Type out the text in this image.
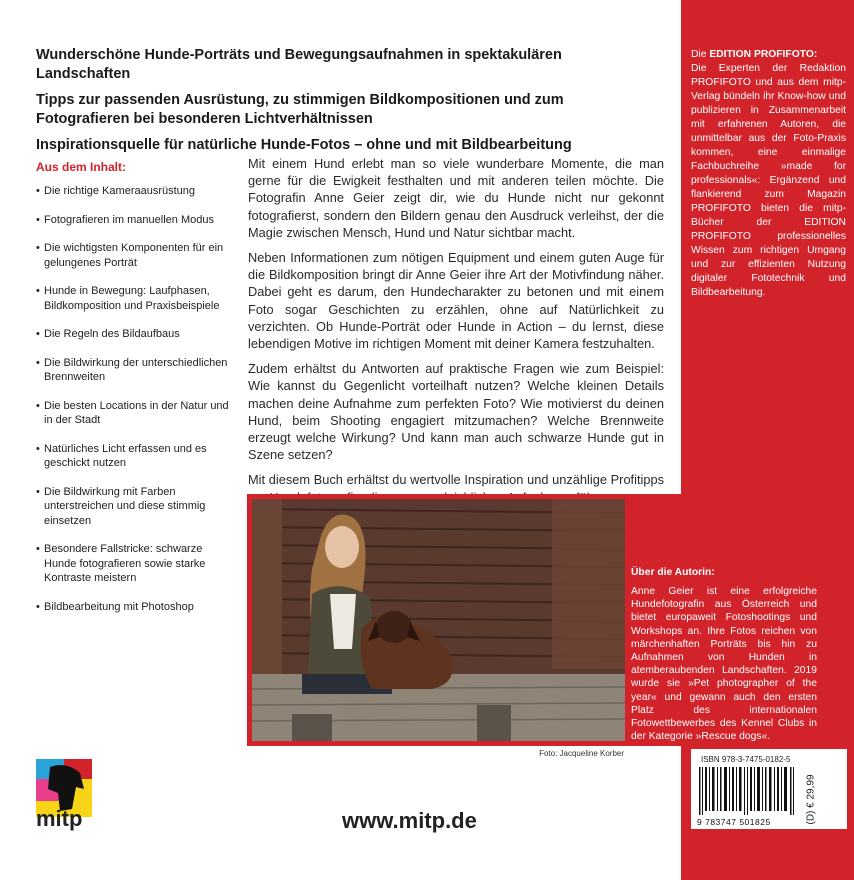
Wunderschöne Hunde-Porträts und Bewegungsaufnahmen in spektakulären Landschaften
Tipps zur passenden Ausrüstung, zu stimmigen Bildkompositionen und zum Fotografieren bei besonderen Lichtverhältnissen
Inspirationsquelle für natürliche Hunde-Fotos – ohne und mit Bildbearbeitung
Aus dem Inhalt:
• Die richtige Kameraausrüstung
• Fotografieren im manuellen Modus
• Die wichtigsten Komponenten für ein gelungenes Porträt
• Hunde in Bewegung: Laufphasen, Bildkomposition und Praxisbeispiele
• Die Regeln des Bildaufbaus
• Die Bildwirkung der unterschiedlichen Brennweiten
• Die besten Locations in der Natur und in der Stadt
• Natürliches Licht erfassen und es geschickt nutzen
• Die Bildwirkung mit Farben unterstreichen und diese stimmig einsetzen
• Besondere Fallstricke: schwarze Hunde fotografieren sowie starke Kontraste meistern
• Bildbearbeitung mit Photoshop

Mit einem Hund erlebt man so viele wunderbare Momente, die man gerne für die Ewigkeit festhalten und mit anderen teilen möchte. Die Fotografin Anne Geier zeigt dir, wie du Hunde nicht nur gekonnt fotografierst, sondern den Bildern genau den Ausdruck verleihst, der die Magie zwischen Mensch, Hund und Natur sichtbar macht.

Neben Informationen zum nötigen Equipment und einem guten Auge für die Bildkomposition bringt dir Anne Geier ihre Art der Motivfindung näher. Dabei geht es darum, den Hundecharakter zu betonen und mit einem Foto sogar Geschichten zu erzählen, ohne auf Natürlichkeit zu verzichten. Ob Hunde-Porträt oder Hunde in Action – du lernst, diese lebendigen Motive im richtigen Moment mit deiner Kamera festzuhalten.

Zudem erhältst du Antworten auf praktische Fragen wie zum Beispiel: Wie kannst du Gegenlicht vorteilhaft nutzen? Welche kleinen Details machen deine Aufnahme zum perfekten Foto? Wie motivierst du deinen Hund, beim Shooting engagiert mitzumachen? Welche Brennweite erzeugt welche Wirkung? Und kann man auch schwarze Hunde gut in Szene setzen?

Mit diesem Buch erhältst du wertvolle Inspiration und unzählige Profitipps

Die EDITION PROFIFOTO:
Die Experten der Redaktion PROFIFOTO und aus dem mitp-Verlag bündeln ihr Know-how und publizieren in Zusammenarbeit mit erfahrenen Autoren, die unmittelbar aus der Foto-Praxis kommen, eine einmalige Fachbuchreihe »made for professionals«: Ergänzend und flankierend zum Magazin PROFIFOTO bieten die mitp-Bücher der EDITION PROFIFOTO professionelles Wissen zum richtigen Umgang und zur effizienten Nutzung digitaler Fototechnik und Bildbearbeitung.
Foto: Jacqueline Korber
Über die Autorin:
Anne Geier ist eine erfolgreiche Hundefotografin aus Österreich und bietet europaweit Fotoshootings und Workshops an. Ihre Fotos reichen von märchenhaften Porträts bis hin zu Aufnahmen von Hunden in atemberaubenden Landschaften. 2019 wurde sie »Pet photographer of the year« und gewann auch den ersten Platz des internationalen Fotowettbewerbes des Kennel Clubs in der Kategorie »Rescue dogs«.
ISBN 978-3-7475-0182-5
(D) € 29,99
9 783747 501825
www.mitp.de
mitp
